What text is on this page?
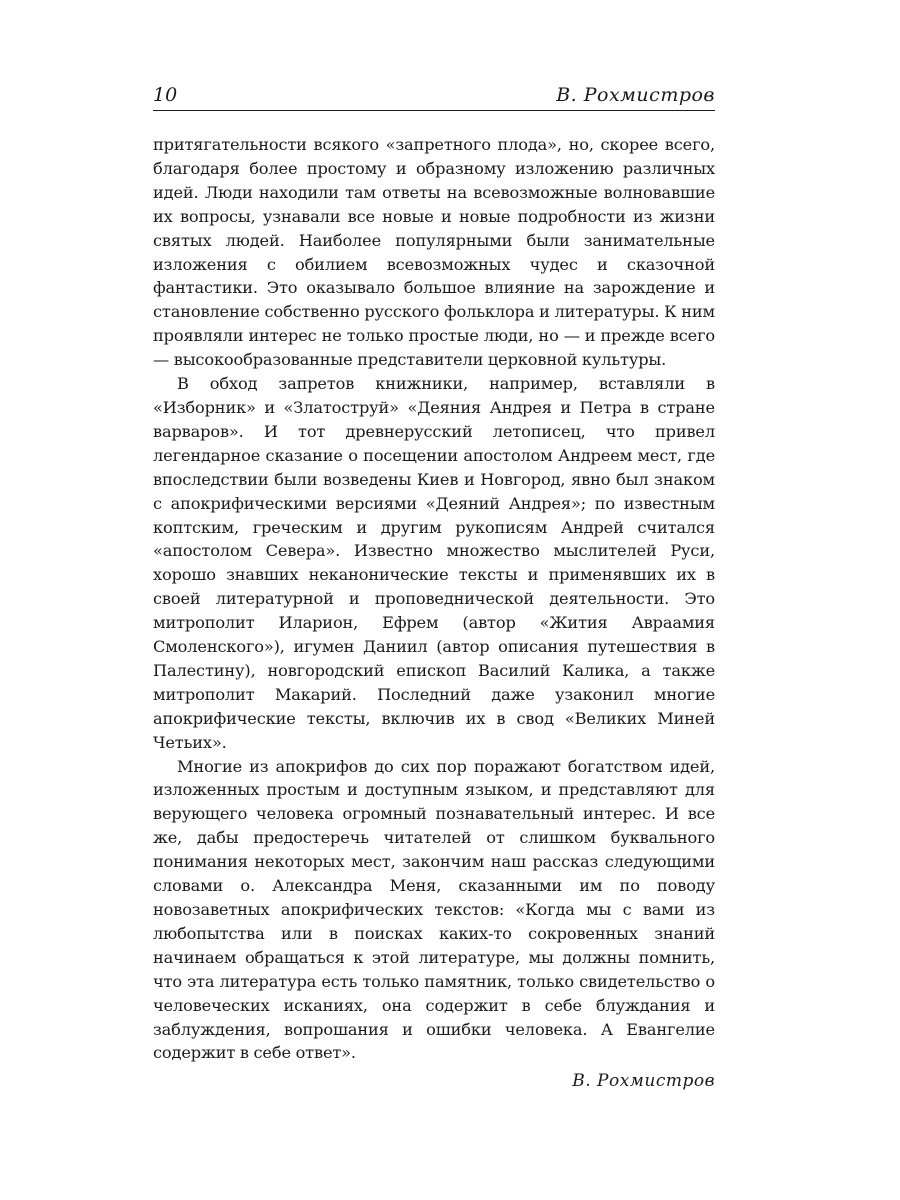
10	В. Рохмистров

притягательности всякого «запретного плода», но, скорее всего, благодаря более простому и образному изложению различных идей. Люди находили там ответы на всевозможные волновавшие их вопросы, узнавали все новые и новые подробности из жизни святых людей. Наиболее популярными были занимательные изложения с обилием всевозможных чудес и сказочной фантастики. Это оказывало большое влияние на зарождение и становление собственно русского фольклора и литературы. К ним проявляли интерес не только простые люди, но — и прежде всего — высокообразованные представители церковной культуры.

В обход запретов книжники, например, вставляли в «Изборник» и «Златоструй» «Деяния Андрея и Петра в стране варваров». И тот древнерусский летописец, что привел легендарное сказание о посещении апостолом Андреем мест, где впоследствии были возведены Киев и Новгород, явно был знаком с апокрифическими версиями «Деяний Андрея»; по известным коптским, греческим и другим рукописям Андрей считался «апостолом Севера». Известно множество мыслителей Руси, хорошо знавших неканонические тексты и применявших их в своей литературной и проповеднической деятельности. Это митрополит Иларион, Ефрем (автор «Жития Авраамия Смоленского»), игумен Даниил (автор описания путешествия в Палестину), новгородский епископ Василий Калика, а также митрополит Макарий. Последний даже узаконил многие апокрифические тексты, включив их в свод «Великих Миней Четьих».

Многие из апокрифов до сих пор поражают богатством идей, изложенных простым и доступным языком, и представляют для верующего человека огромный познавательный интерес. И все же, дабы предостеречь читателей от слишком буквального понимания некоторых мест, закончим наш рассказ следующими словами о. Александра Меня, сказанными им по поводу новозаветных апокрифических текстов: «Когда мы с вами из любопытства или в поисках каких-то сокровенных знаний начинаем обращаться к этой литературе, мы должны помнить, что эта литература есть только памятник, только свидетельство о человеческих исканиях, она содержит в себе блуждания и заблуждения, вопрошания и ошибки человека. А Евангелие содержит в себе ответ».

В. Рохмистров
